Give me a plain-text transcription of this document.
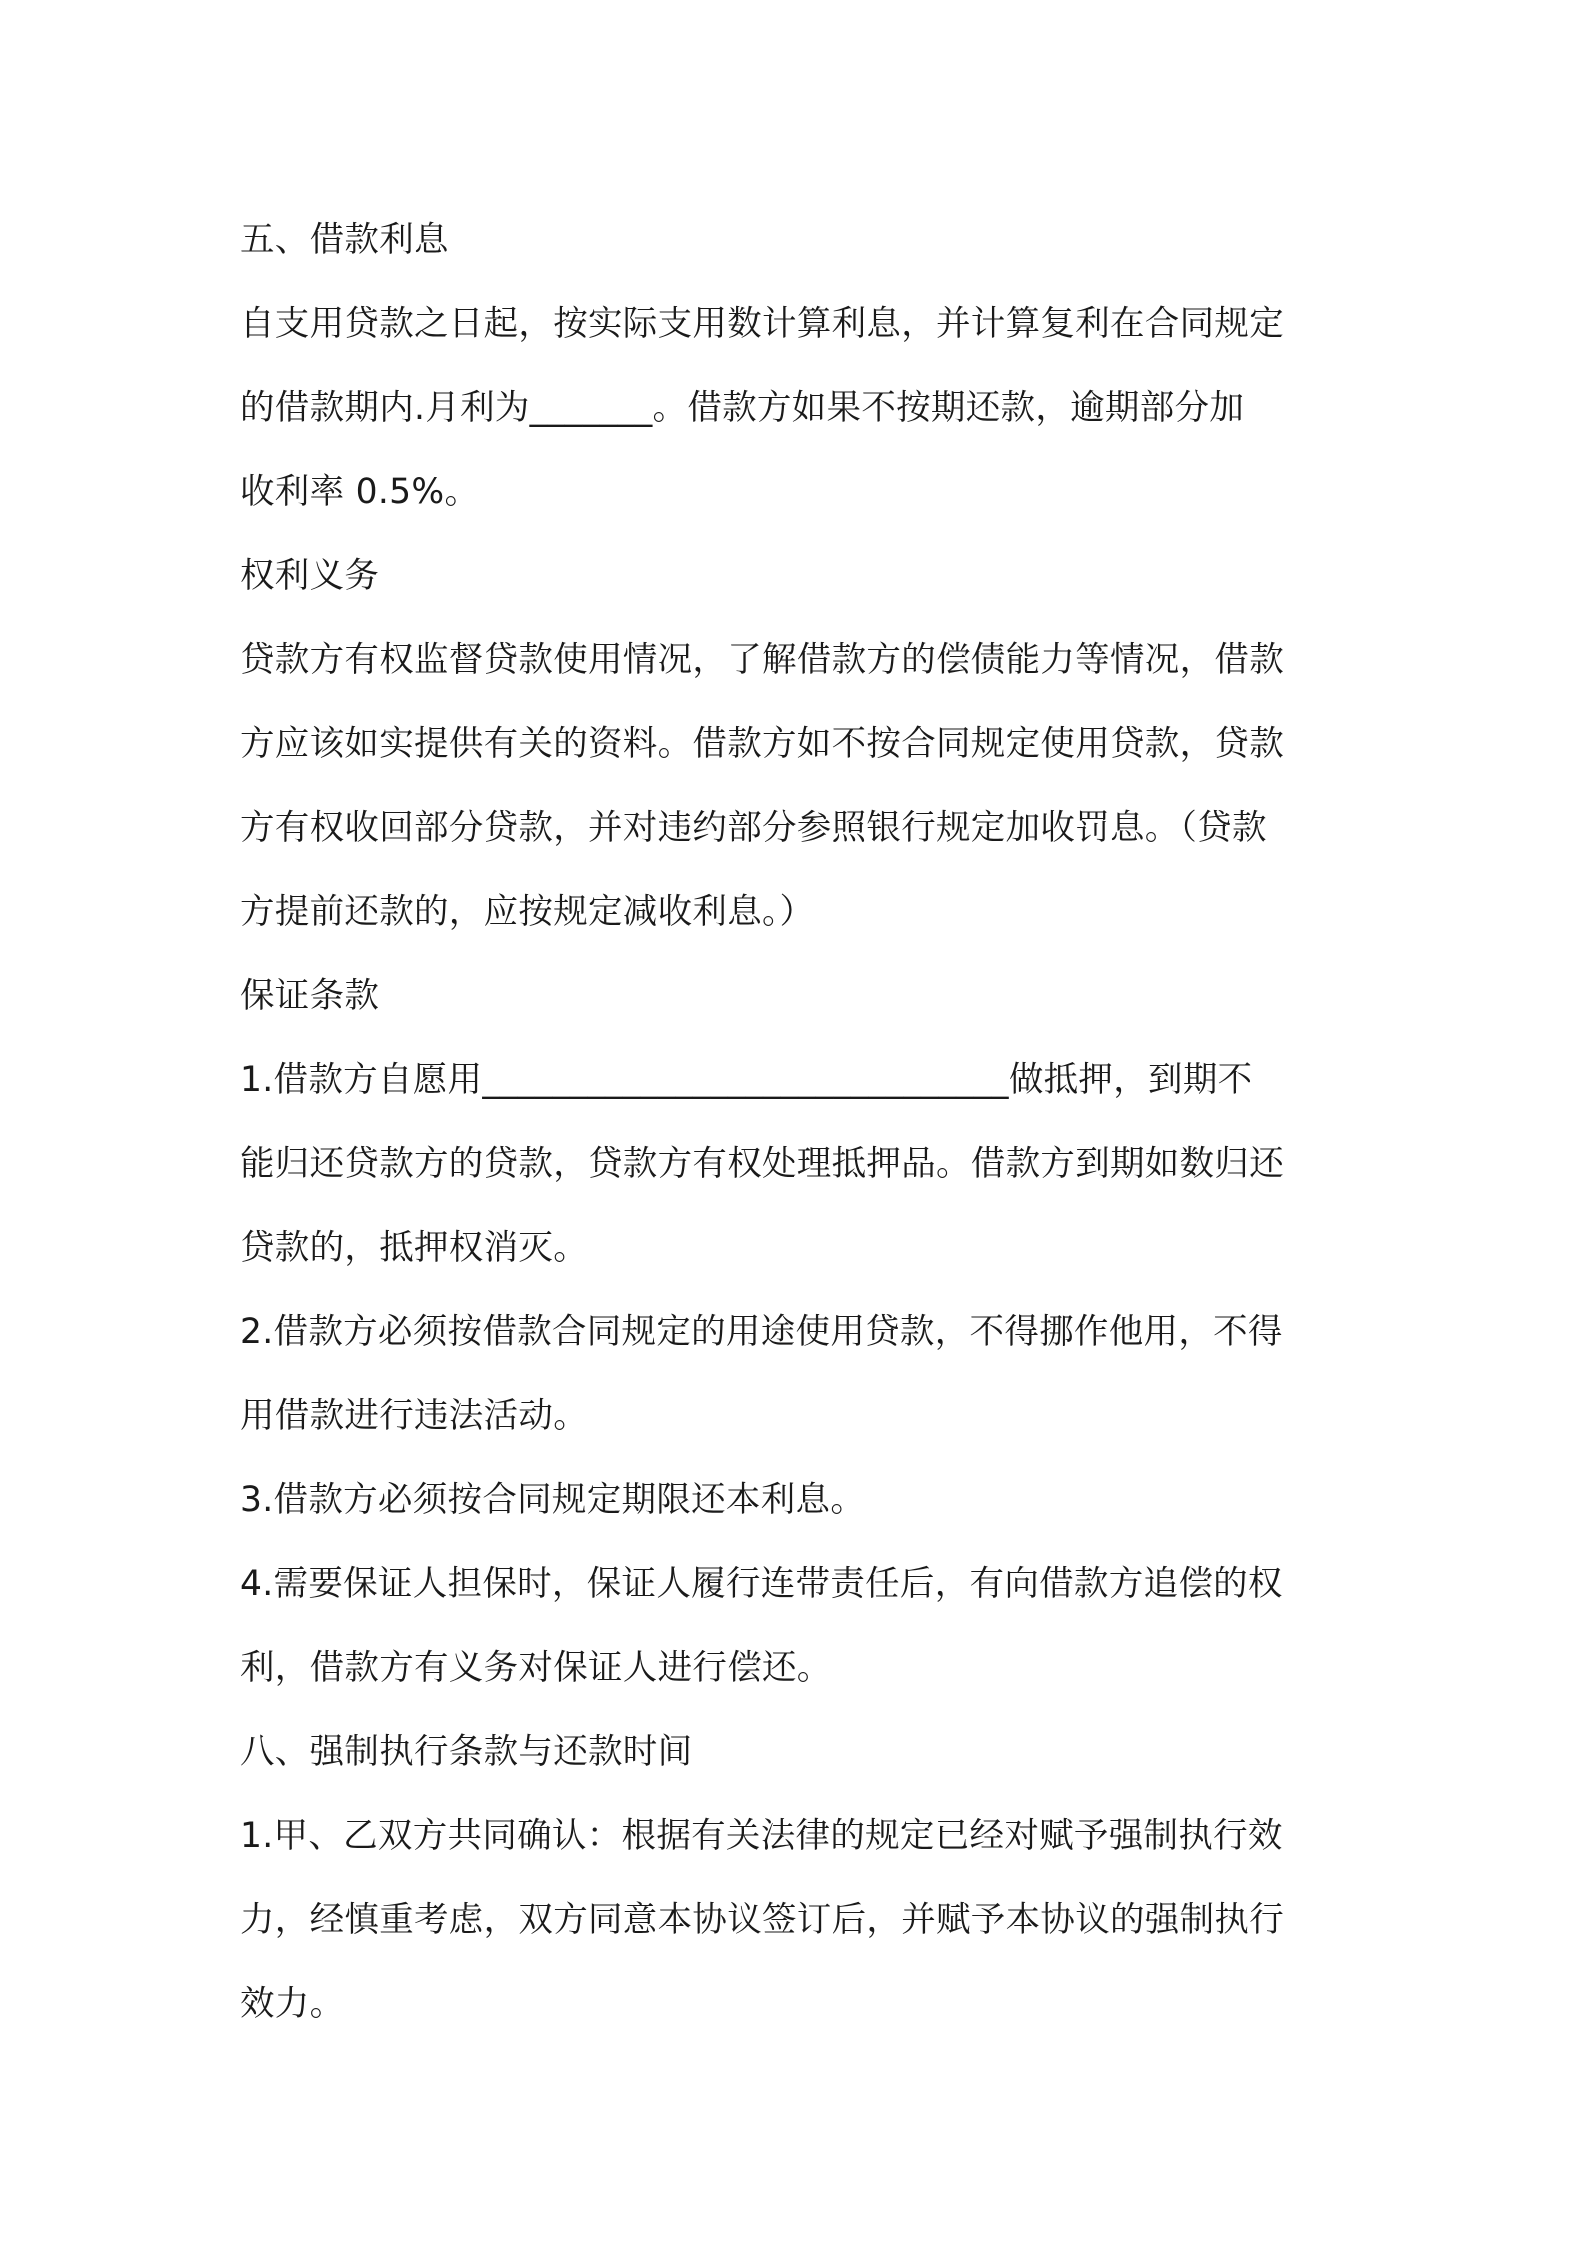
五、借款利息
自支用贷款之日起，按实际支用数计算利息，并计算复利在合同规定
的借款期内.月利为_______。借款方如果不按期还款，逾期部分加
收利率 0.5%。
权利义务
贷款方有权监督贷款使用情况，了解借款方的偿债能力等情况，借款
方应该如实提供有关的资料。借款方如不按合同规定使用贷款，贷款
方有权收回部分贷款，并对违约部分参照银行规定加收罚息。（贷款
方提前还款的，应按规定减收利息。）
保证条款
1.借款方自愿用______________________________做抵押，到期不
能归还贷款方的贷款，贷款方有权处理抵押品。借款方到期如数归还
贷款的，抵押权消灭。
2.借款方必须按借款合同规定的用途使用贷款，不得挪作他用，不得
用借款进行违法活动。
3.借款方必须按合同规定期限还本利息。
4.需要保证人担保时，保证人履行连带责任后，有向借款方追偿的权
利，借款方有义务对保证人进行偿还。
八、强制执行条款与还款时间
1.甲、乙双方共同确认：根据有关法律的规定已经对赋予强制执行效
力，经慎重考虑，双方同意本协议签订后，并赋予本协议的强制执行
效力。
